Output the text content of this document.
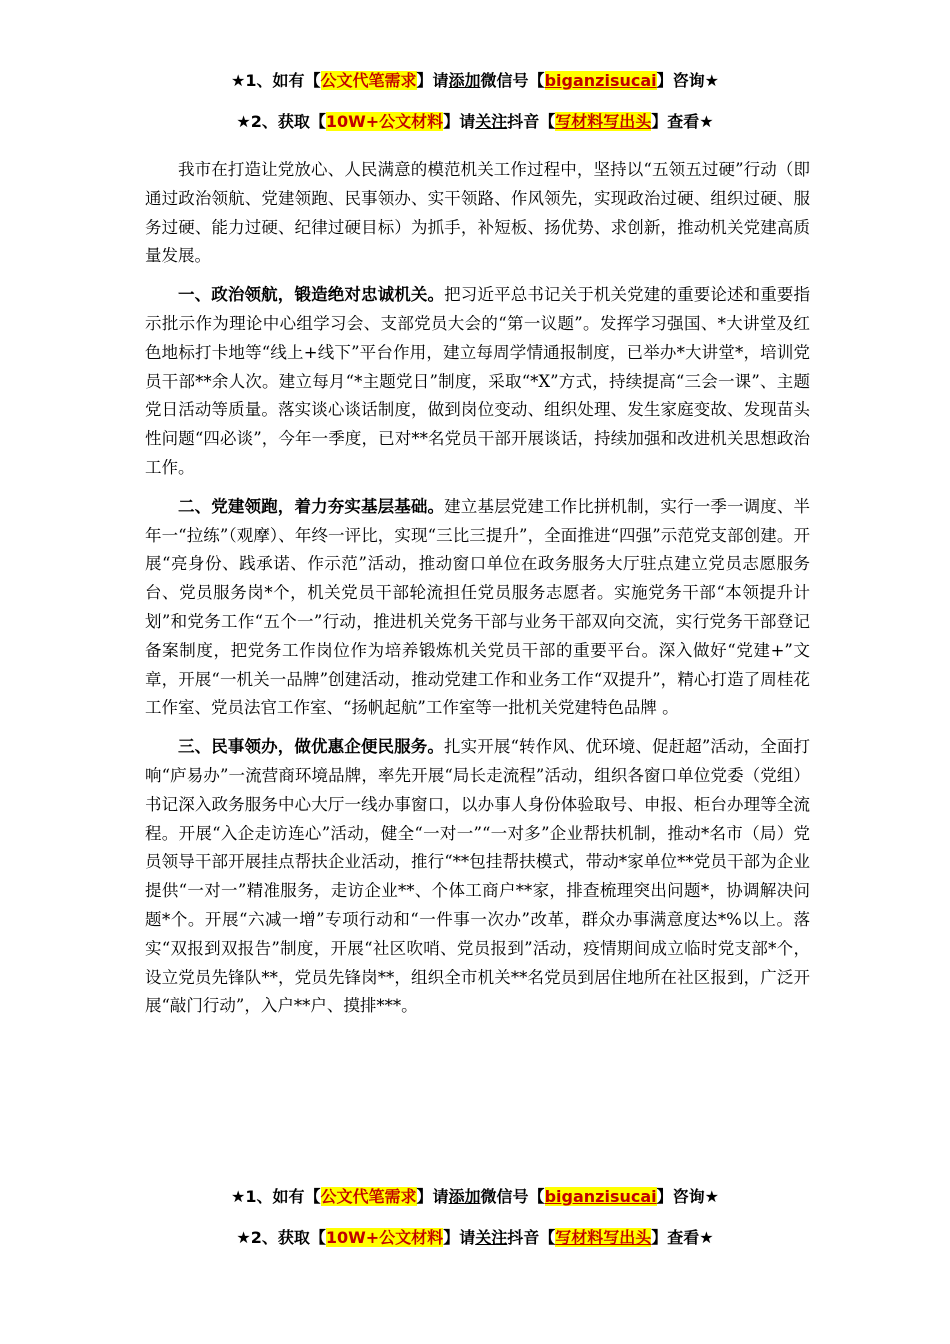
★1、如有【公文代笔需求】请添加微信号【biganzisucai】咨询★
★2、获取【10W+公文材料】请关注抖音【写材料写出头】查看★

我市在打造让党放心、人民满意的模范机关工作过程中，坚持以“五领五过硬”行动（即通过政治领航、党建领跑、民事领办、实干领路、作风领先，实现政治过硬、组织过硬、服务过硬、能力过硬、纪律过硬目标）为抓手，补短板、扬优势、求创新，推动机关党建高质量发展。

一、政治领航，锻造绝对忠诚机关。把习近平总书记关于机关党建的重要论述和重要指示批示作为理论中心组学习会、支部党员大会的“第一议题”。发挥学习强国、*大讲堂及红色地标打卡地等“线上+线下”平台作用，建立每周学情通报制度，已举办*大讲堂*，培训党员干部**余人次。建立每月“*主题党日”制度，采取“*X”方式，持续提高“三会一课”、主题党日活动等质量。落实谈心谈话制度，做到岗位变动、组织处理、发生家庭变故、发现苗头性问题“四必谈”，今年一季度，已对**名党员干部开展谈话，持续加强和改进机关思想政治工作。

二、党建领跑，着力夯实基层基础。建立基层党建工作比拼机制，实行一季一调度、半年一“拉练”（观摩）、年终一评比，实现“三比三提升”，全面推进“四强”示范党支部创建。开展“亮身份、践承诺、作示范”活动，推动窗口单位在政务服务大厅驻点建立党员志愿服务台、党员服务岗*个，机关党员干部轮流担任党员服务志愿者。实施党务干部“本领提升计划”和党务工作“五个一”行动，推进机关党务干部与业务干部双向交流，实行党务干部登记备案制度，把党务工作岗位作为培养锻炼机关党员干部的重要平台。深入做好“党建+”文章，开展“一机关一品牌”创建活动，推动党建工作和业务工作“双提升”，精心打造了周桂花工作室、党员法官工作室、“扬帆起航”工作室等一批机关党建特色品牌 。

三、民事领办，做优惠企便民服务。扎实开展“转作风、优环境、促赶超”活动，全面打响“庐易办”一流营商环境品牌，率先开展“局长走流程”活动，组织各窗口单位党委（党组）书记深入政务服务中心大厅一线办事窗口，以办事人身份体验取号、申报、柜台办理等全流程。开展“入企走访连心”活动，健全“一对一”“一对多”企业帮扶机制，推动*名市（局）党员领导干部开展挂点帮扶企业活动，推行“**包挂帮扶模式，带动*家单位**党员干部为企业提供“一对一”精准服务，走访企业**、个体工商户**家，排查梳理突出问题*，协调解决问题*个。开展“六减一增”专项行动和“一件事一次办”改革，群众办事满意度达*%以上。落实“双报到双报告”制度，开展“社区吹哨、党员报到”活动，疫情期间成立临时党支部*个，设立党员先锋队**，党员先锋岗**，组织全市机关**名党员到居住地所在社区报到，广泛开展“敲门行动”，入户**户、摸排***。

★1、如有【公文代笔需求】请添加微信号【biganzisucai】咨询★
★2、获取【10W+公文材料】请关注抖音【写材料写出头】查看★
